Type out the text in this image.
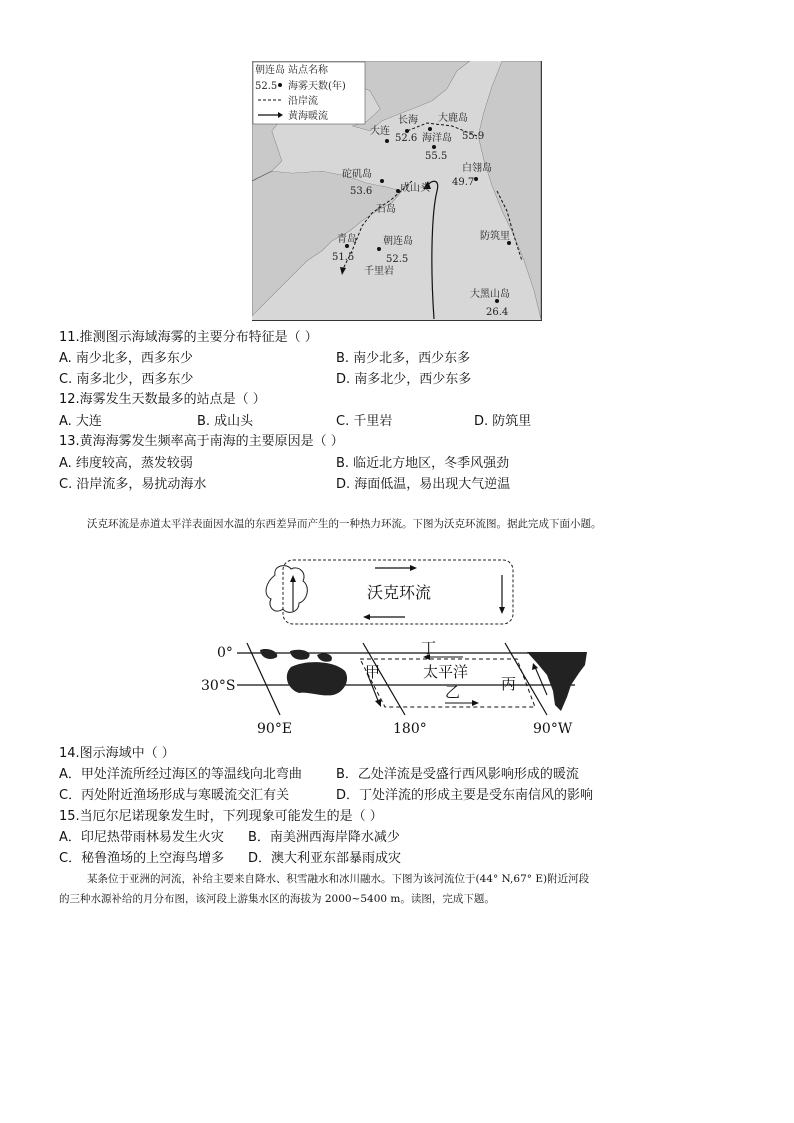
朝连岛 站点名称
52.5 海雾天数(年)
沿岸流
黄海暖流
大连
长海
52.6
大鹿岛
55.9
海洋岛
55.5
白翎岛
49.7
砣矶岛
53.6	成山头
石岛
青岛
51.5
朝连岛
52.5
千里岩
防筑里
大黑山岛
26.4
11.推测图示海域海雾的主要分布特征是（ ）
A. 南少北多，西多东少	B. 南少北多，西少东多
C. 南多北少，西多东少	D. 南多北少，西少东多
12.海雾发生天数最多的站点是（ ）
A. 大连	B. 成山头	C. 千里岩	D. 防筑里
13.黄海海雾发生频率高于南海的主要原因是（ ）
A. 纬度较高，蒸发较弱	B. 临近北方地区，冬季风强劲
C. 沿岸流多，易扰动海水	D. 海面低温，易出现大气逆温
沃克环流是赤道太平洋表面因水温的东西差异而产生的一种热力环流。下图为沃克环流图。据此完成下面小题。
沃克环流
0°
30°S
90°E	180°	90°W
丁
甲	太平洋
乙	丙
14.图示海域中（ ）
A．甲处洋流所经过海区的等温线向北弯曲	B．乙处洋流是受盛行西风影响形成的暖流
C．丙处附近渔场形成与寒暖流交汇有关	D．丁处洋流的形成主要是受东南信风的影响
15.当厄尔尼诺现象发生时，下列现象可能发生的是（ ）
A．印尼热带雨林易发生火灾 B．南美洲西海岸降水减少
C．秘鲁渔场的上空海鸟增多 D．澳大利亚东部暴雨成灾
某条位于亚洲的河流，补给主要来自降水、积雪融水和冰川融水。下图为该河流位于(44° N,67° E)附近河段
的三种水源补给的月分布图，该河段上游集水区的海拔为 2000~5400 m。读图，完成下题。
